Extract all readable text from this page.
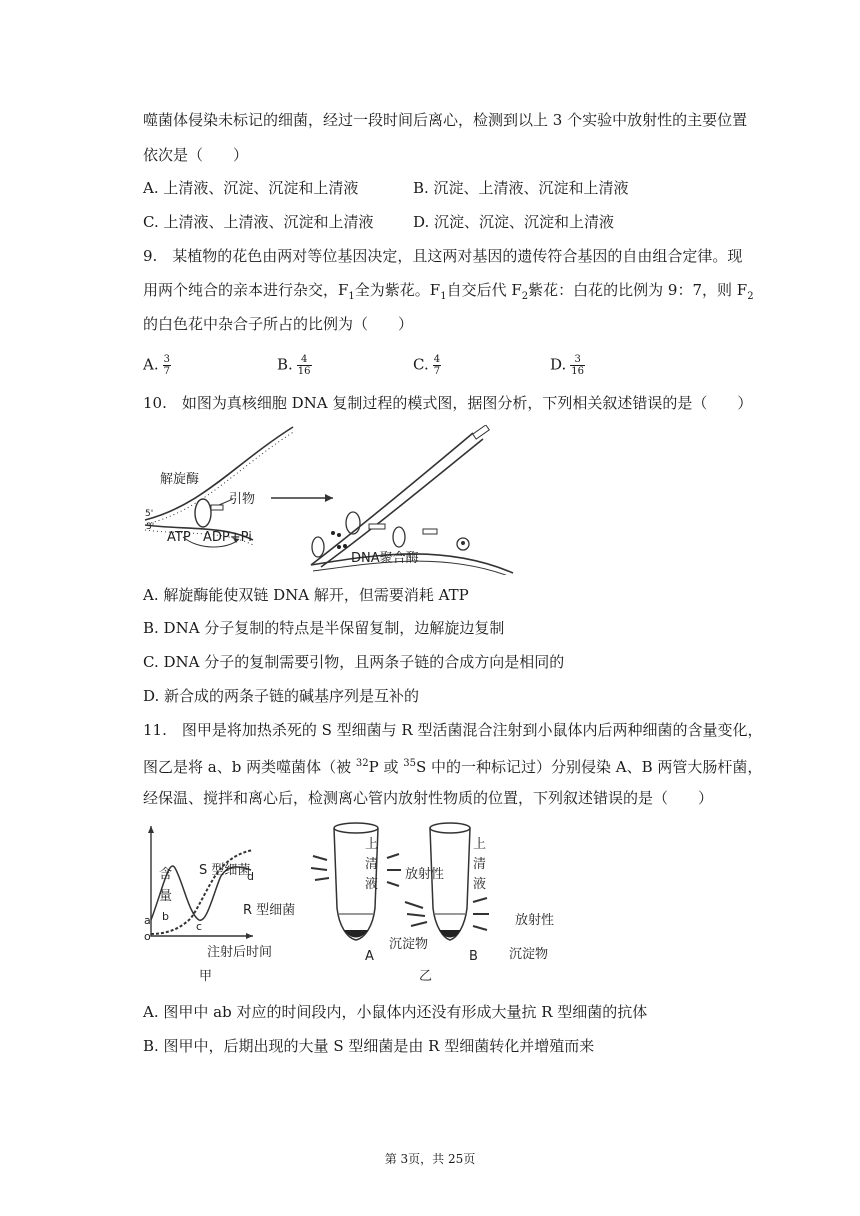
噬菌体侵染未标记的细菌，经过一段时间后离心，检测到以上 3 个实验中放射性的主要位置
依次是（　　）
A. 上清液、沉淀、沉淀和上清液	B. 沉淀、上清液、沉淀和上清液
C. 上清液、上清液、沉淀和上清液	D. 沉淀、沉淀、沉淀和上清液
9.　某植物的花色由两对等位基因决定，且这两对基因的遗传符合基因的自由组合定律。现
用两个纯合的亲本进行杂交，$F_1$全为紫花。$F_1$自交后代 $F_2$紫花：白花的比例为 9：7，则 $F_2$
的白色花中杂合子所占的比例为（　　）
A. $\frac{3}{7}$	B. $\frac{4}{16}$	C. $\frac{4}{7}$	D. $\frac{3}{16}$
10.　如图为真核细胞 DNA 复制过程的模式图，据图分析，下列相关叙述错误的是（　　）
解旋酶
引物
5'
3'
ATP ADP+Pi
DNA聚合酶
A. 解旋酶能使双链 DNA 解开，但需要消耗 ATP
B. DNA 分子复制的特点是半保留复制，边解旋边复制
C. DNA 分子的复制需要引物，且两条子链的合成方向是相同的
D. 新合成的两条子链的碱基序列是互补的
11.　图甲是将加热杀死的 S 型细菌与 R 型活菌混合注射到小鼠体内后两种细菌的含量变化，
图乙是将 a、b 两类噬菌体（被 $^{32}$P 或 $^{35}$S 中的一种标记过）分别侵染 A、B 两管大肠杆菌，
经保温、搅拌和离心后，检测离心管内放射性物质的位置，下列叙述错误的是（　　）
含
量
S 型细菌
R 型细菌
注射后时间
甲
a b
c
d
o
上
清
液
A
上
清
液
放射性
放射性
沉淀物
沉淀物
B
乙
A. 图甲中 ab 对应的时间段内，小鼠体内还没有形成大量抗 R 型细菌的抗体
B. 图甲中，后期出现的大量 S 型细菌是由 R 型细菌转化并增殖而来
第 3页，共 25页
